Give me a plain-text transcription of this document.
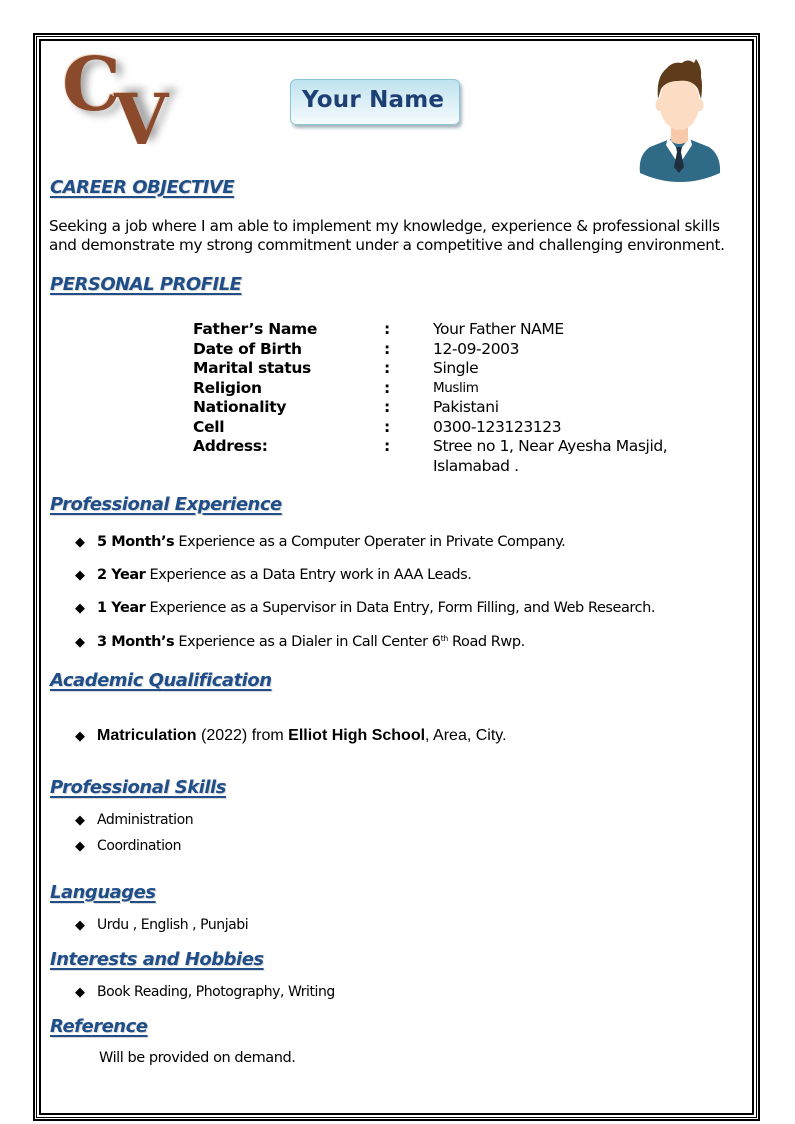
C
V	Your Name
CAREER OBJECTIVE
Seeking a job where I am able to implement my knowledge, experience & professional skills and demonstrate my strong commitment under a competitive and challenging environment.
PERSONAL PROFILE
Father’s Name	:	Your Father NAME
Date of Birth	:	12-09-2003
Marital status	:	Single
Religion	:	Muslim
Nationality	:	Pakistani
Cell	:	0300-123123123
Address:	:	Stree no 1, Near Ayesha Masjid,
Islamabad .
Professional Experience
◆ 5 Month’s Experience as a Computer Operater in Private Company.
◆ 2 Year Experience as a Data Entry work in AAA Leads.
◆ 1 Year Experience as a Supervisor in Data Entry, Form Filling, and Web Research.
◆ 3 Month’s Experience as a Dialer in Call Center 6th Road Rwp.
Academic Qualification
◆ Matriculation (2022) from Elliot High School, Area, City.
Professional Skills
◆ Administration
◆ Coordination
Languages
◆ Urdu , English , Punjabi
Interests and Hobbies
◆ Book Reading, Photography, Writing
Reference
Will be provided on demand.
